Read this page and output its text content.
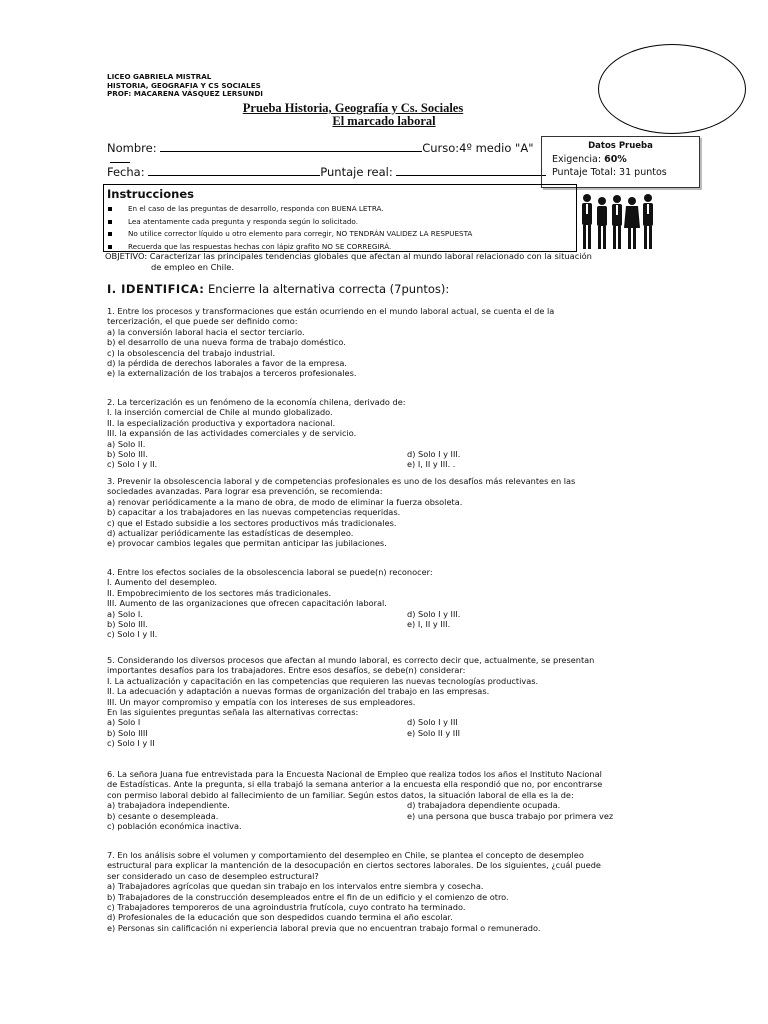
LICEO GABRIELA MISTRAL
HISTORIA, GEOGRAFIA Y CS SOCIALES
PROF: MACARENA VÁSQUEZ LERSUNDI
Prueba Historia, Geografía y Cs. Sociales
El marcado laboral
Nombre:	Curso:4º medio "A"
Fecha:	Puntaje real:
Datos Prueba
Exigencia: 60%
Puntaje Total: 31 puntos
Instrucciones
En el caso de las preguntas de desarrollo, responda con BUENA LETRA.
Lea atentamente cada pregunta y responda según lo solicitado.
No utilice corrector líquido u otro elemento para corregir, NO TENDRÁN VALIDEZ LA RESPUESTA
Recuerda que las respuestas hechas con lápiz grafito NO SE CORREGIRÁ.
OBJETIVO: Caracterizar las principales tendencias globales que afectan al mundo laboral relacionado con la situación
de empleo en Chile.
I. IDENTIFICA: Encierre la alternativa correcta (7puntos):
1. Entre los procesos y transformaciones que están ocurriendo en el mundo laboral actual, se cuenta el de la
tercerización, el que puede ser definido como:
a) la conversión laboral hacia el sector terciario.
b) el desarrollo de una nueva forma de trabajo doméstico.
c) la obsolescencia del trabajo industrial.
d) la pérdida de derechos laborales a favor de la empresa.
e) la externalización de los trabajos a terceros profesionales.
2. La tercerización es un fenómeno de la economía chilena, derivado de:
I. la inserción comercial de Chile al mundo globalizado.
II. la especialización productiva y exportadora nacional.
III. la expansión de las actividades comerciales y de servicio.
a) Solo II.
b) Solo III.	d) Solo I y III.
c) Solo I y II.	e) I, II y III. .
3. Prevenir la obsolescencia laboral y de competencias profesionales es uno de los desafíos más relevantes en las
sociedades avanzadas. Para lograr esa prevención, se recomienda:
a) renovar periódicamente a la mano de obra, de modo de eliminar la fuerza obsoleta.
b) capacitar a los trabajadores en las nuevas competencias requeridas.
c) que el Estado subsidie a los sectores productivos más tradicionales.
d) actualizar periódicamente las estadísticas de desempleo.
e) provocar cambios legales que permitan anticipar las jubilaciones.
4. Entre los efectos sociales de la obsolescencia laboral se puede(n) reconocer:
I. Aumento del desempleo.
II. Empobrecimiento de los sectores más tradicionales.
III. Aumento de las organizaciones que ofrecen capacitación laboral.
a) Solo I.	d) Solo I y III.
b) Solo III.	e) I, II y III.
c) Solo I y II.
5. Considerando los diversos procesos que afectan al mundo laboral, es correcto decir que, actualmente, se presentan
importantes desafíos para los trabajadores. Entre esos desafíos, se debe(n) considerar:
I. La actualización y capacitación en las competencias que requieren las nuevas tecnologías productivas.
II. La adecuación y adaptación a nuevas formas de organización del trabajo en las empresas.
III. Un mayor compromiso y empatía con los intereses de sus empleadores.
En las siguientes preguntas señala las alternativas correctas:
a) Solo I	d) Solo I y III
b) Solo IIII	e) Solo II y III
c) Solo I y II
6. La señora Juana fue entrevistada para la Encuesta Nacional de Empleo que realiza todos los años el Instituto Nacional
de Estadísticas. Ante la pregunta, si ella trabajó la semana anterior a la encuesta ella respondió que no, por encontrarse
con permiso laboral debido al fallecimiento de un familiar. Según estos datos, la situación laboral de ella es la de:
a) trabajadora independiente.	d) trabajadora dependiente ocupada.
b) cesante o desempleada.	e) una persona que busca trabajo por primera vez
c) población económica inactiva.
7. En los análisis sobre el volumen y comportamiento del desempleo en Chile, se plantea el concepto de desempleo
estructural para explicar la mantención de la desocupación en ciertos sectores laborales. De los siguientes, ¿cuál puede
ser considerado un caso de desempleo estructural?
a) Trabajadores agrícolas que quedan sin trabajo en los intervalos entre siembra y cosecha.
b) Trabajadores de la construcción desempleados entre el fin de un edificio y el comienzo de otro.
c) Trabajadores temporeros de una agroindustria frutícola, cuyo contrato ha terminado.
d) Profesionales de la educación que son despedidos cuando termina el año escolar.
e) Personas sin calificación ni experiencia laboral previa que no encuentran trabajo formal o remunerado.
